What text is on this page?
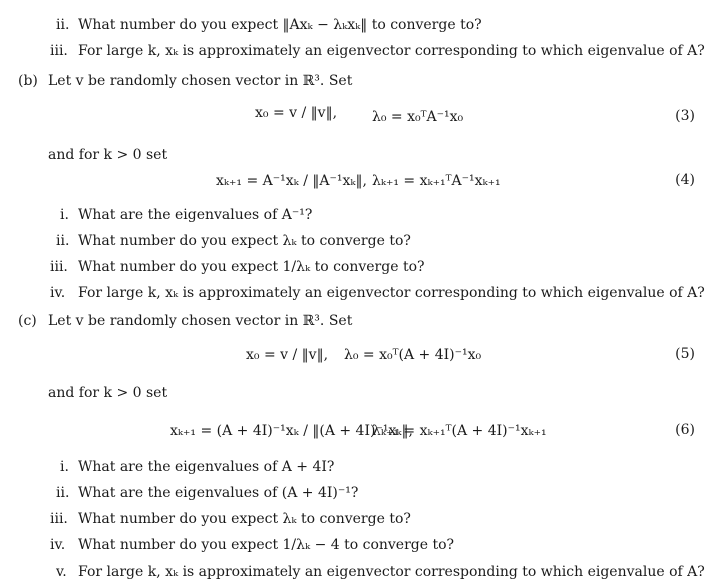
ii. What number do you expect ‖Axₖ − λₖxₖ‖ to converge to?
iii. For large k, xₖ is approximately an eigenvector corresponding to which eigenvalue of A?
(b) Let v be randomly chosen vector in ℝ³. Set
x₀ = v / ‖v‖, λ₀ = x₀ᵀA⁻¹x₀	(3)
and for k > 0 set
xₖ₊₁ = A⁻¹xₖ / ‖A⁻¹xₖ‖, λₖ₊₁ = xₖ₊₁ᵀA⁻¹xₖ₊₁	(4)
i. What are the eigenvalues of A⁻¹?
ii. What number do you expect λₖ to converge to?
iii. What number do you expect 1/λₖ to converge to?
iv. For large k, xₖ is approximately an eigenvector corresponding to which eigenvalue of A?
(c) Let v be randomly chosen vector in ℝ³. Set
x₀ = v / ‖v‖, λ₀ = x₀ᵀ(A + 4I)⁻¹x₀	(5)
and for k > 0 set
xₖ₊₁ = (A + 4I)⁻¹xₖ / ‖(A + 4I)⁻¹xₖ‖,
λₖ₊₁ = xₖ₊₁ᵀ(A + 4I)⁻¹xₖ₊₁	(6)
i. What are the eigenvalues of A + 4I?
ii. What are the eigenvalues of (A + 4I)⁻¹?
iii. What number do you expect λₖ to converge to?
iv. What number do you expect 1/λₖ − 4 to converge to?
v. For large k, xₖ is approximately an eigenvector corresponding to which eigenvalue of A?
